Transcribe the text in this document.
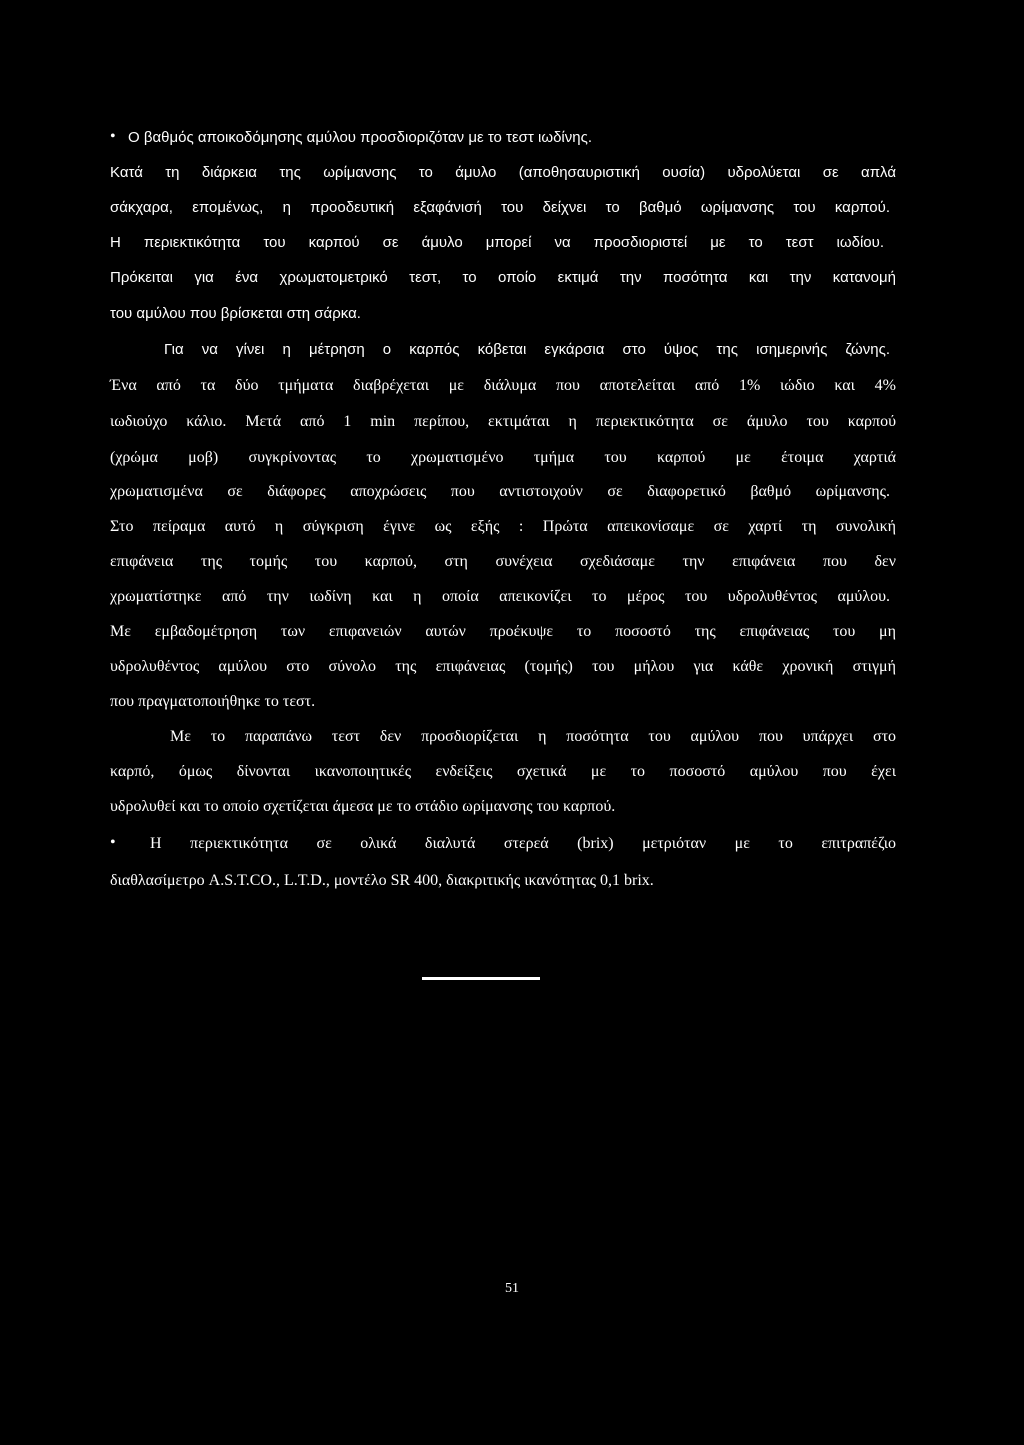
• Ο βαθμός αποικοδόμησης αμύλου προσδιοριζόταν με το τεστ ιωδίνης.
Κατά τη διάρκεια της ωρίμανσης το άμυλο (αποθησαυριστική ουσία) υδρολύεται σε απλά
σάκχαρα, επομένως, η προοδευτική εξαφάνισή του δείχνει το βαθμό ωρίμανσης του καρπού.
Η περιεκτικότητα του καρπού σε άμυλο μπορεί να προσδιοριστεί με το τεστ ιωδίου.
Πρόκειται για ένα χρωματομετρικό τεστ, το οποίο εκτιμά την ποσότητα και την κατανομή
του αμύλου που βρίσκεται στη σάρκα.
Για να γίνει η μέτρηση ο καρπός κόβεται εγκάρσια στο ύψος της ισημερινής ζώνης.
Ένα από τα δύο τμήματα διαβρέχεται με διάλυμα που αποτελείται από 1% ιώδιο και 4%
ιωδιούχο κάλιο. Μετά από 1 min περίπου, εκτιμάται η περιεκτικότητα σε άμυλο του καρπού
(χρώμα μοβ) συγκρίνοντας το χρωματισμένο τμήμα του καρπού με έτοιμα χαρτιά
χρωματισμένα σε διάφορες αποχρώσεις που αντιστοιχούν σε διαφορετικό βαθμό ωρίμανσης.
Στο πείραμα αυτό η σύγκριση έγινε ως εξής : Πρώτα απεικονίσαμε σε χαρτί τη συνολική
επιφάνεια της τομής του καρπού, στη συνέχεια σχεδιάσαμε την επιφάνεια που δεν
χρωματίστηκε από την ιωδίνη και η οποία απεικονίζει το μέρος του υδρολυθέντος αμύλου.
Με εμβαδομέτρηση των επιφανειών αυτών προέκυψε το ποσοστό της επιφάνειας του μη
υδρολυθέντος αμύλου στο σύνολο της επιφάνειας (τομής) του μήλου για κάθε χρονική στιγμή
που πραγματοποιήθηκε το τεστ.
Με το παραπάνω τεστ δεν προσδιορίζεται η ποσότητα του αμύλου που υπάρχει στο
καρπό, όμως δίνονται ικανοποιητικές ενδείξεις σχετικά με το ποσοστό αμύλου που έχει
υδρολυθεί και το οποίο σχετίζεται άμεσα με το στάδιο ωρίμανσης του καρπού.
• Η περιεκτικότητα σε ολικά διαλυτά στερεά (brix) μετριόταν με το επιτραπέζιο
διαθλασίμετρο A.S.T.CO., L.T.D., μοντέλο SR 400, διακριτικής ικανότητας 0,1 brix.
51
